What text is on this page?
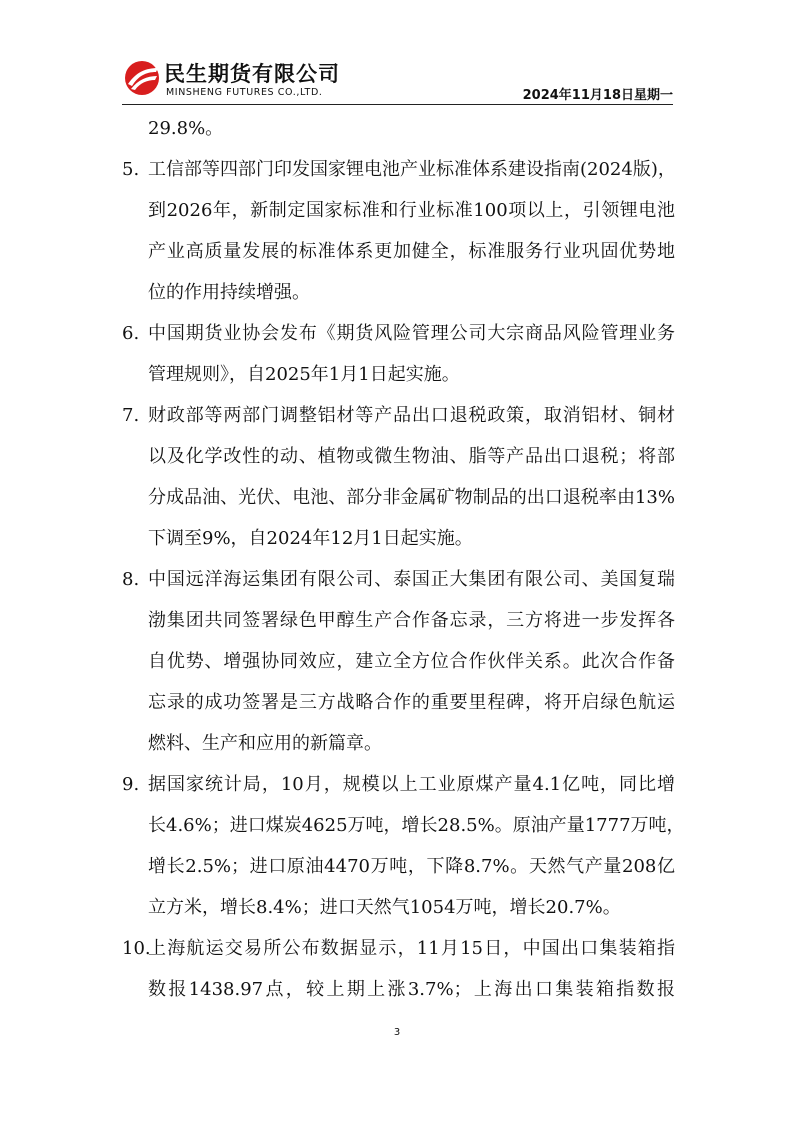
民生期货有限公司
MINSHENG FUTURES CO.,LTD.	2024年11月18日星期一
29.8%。
5. 工信部等四部门印发国家锂电池产业标准体系建设指南(2024版)，
到2026年，新制定国家标准和行业标准100项以上，引领锂电池
产业高质量发展的标准体系更加健全，标准服务行业巩固优势地
位的作用持续增强。
6. 中国期货业协会发布《期货风险管理公司大宗商品风险管理业务
管理规则》，自2025年1月1日起实施。
7. 财政部等两部门调整铝材等产品出口退税政策，取消铝材、铜材
以及化学改性的动、植物或微生物油、脂等产品出口退税；将部
分成品油、光伏、电池、部分非金属矿物制品的出口退税率由13%
下调至9%，自2024年12月1日起实施。
8. 中国远洋海运集团有限公司、泰国正大集团有限公司、美国复瑞
渤集团共同签署绿色甲醇生产合作备忘录，三方将进一步发挥各
自优势、增强协同效应，建立全方位合作伙伴关系。此次合作备
忘录的成功签署是三方战略合作的重要里程碑，将开启绿色航运
燃料、生产和应用的新篇章。
9. 据国家统计局，10月，规模以上工业原煤产量4.1亿吨，同比增
长4.6%；进口煤炭4625万吨，增长28.5%。原油产量1777万吨，
增长2.5%；进口原油4470万吨，下降8.7%。天然气产量208亿
立方米，增长8.4%；进口天然气1054万吨，增长20.7%。
10.
上海航运交易所公布数据显示，11月15日，中国出口集装箱指
数报1438.97点，较上期上涨3.7%；上海出口集装箱指数报
3
